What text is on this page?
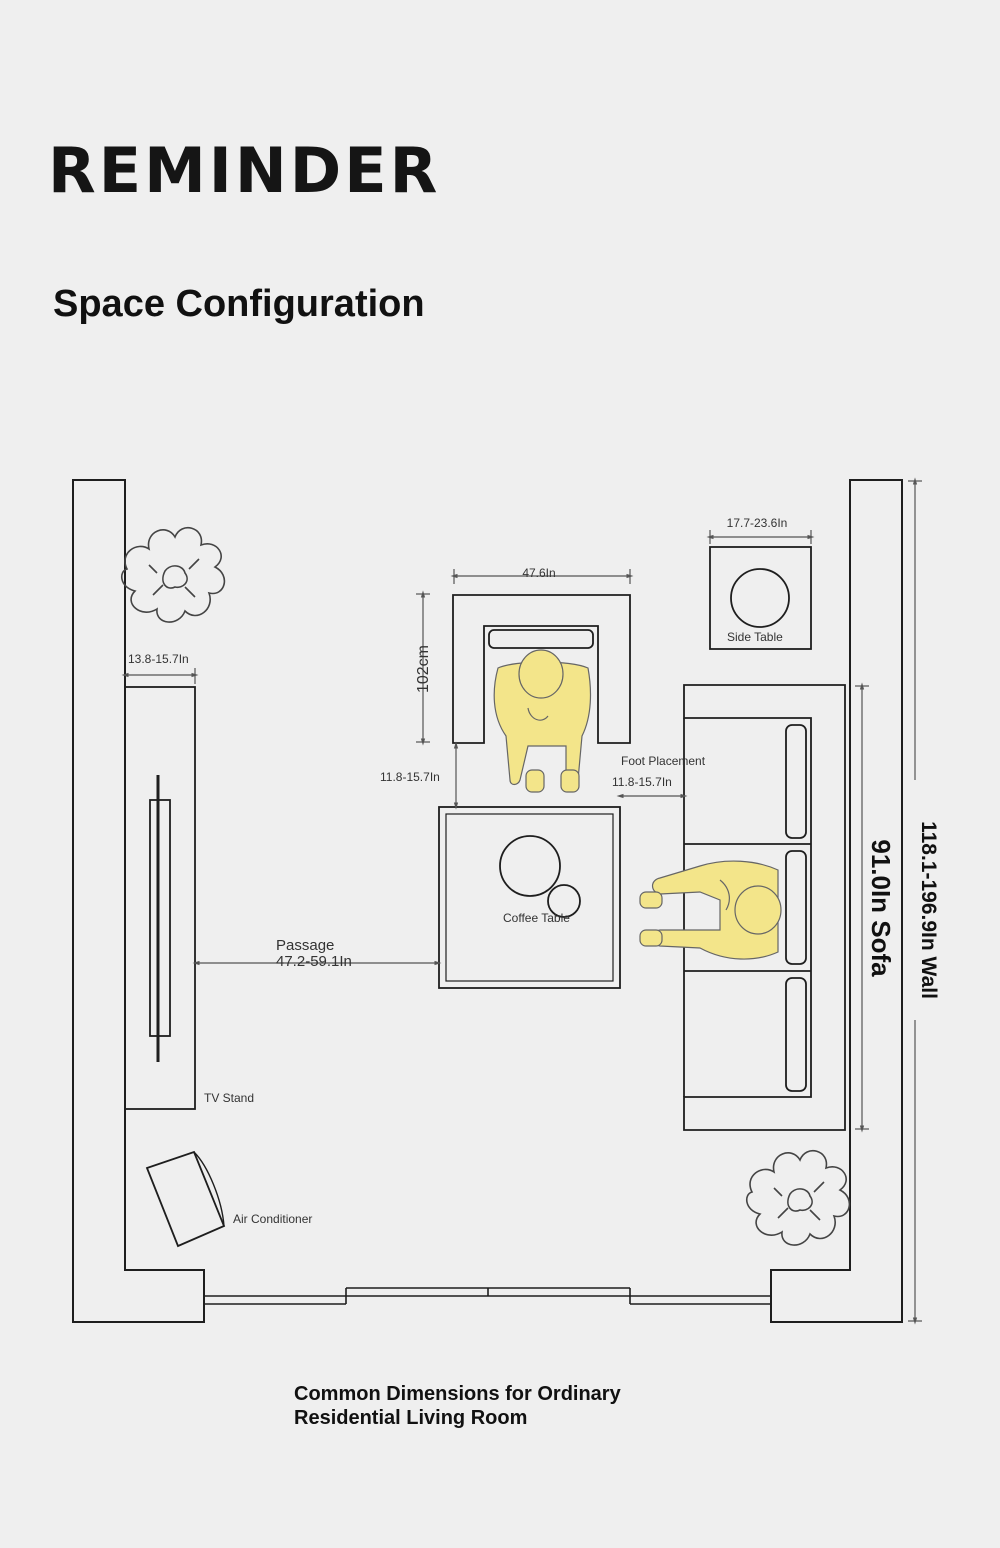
REMINDER
Space Configuration
17.7-23.6In
Side Table
47.6In
102cm
13.8-15.7In
11.8-15.7In
Foot Placement
11.8-15.7In
Coffee Table
Passage
47.2-59.1In
TV Stand
Air Conditioner
91.0In Sofa 118.1-196.9In Wall
Common Dimensions for Ordinary
Residential Living Room
